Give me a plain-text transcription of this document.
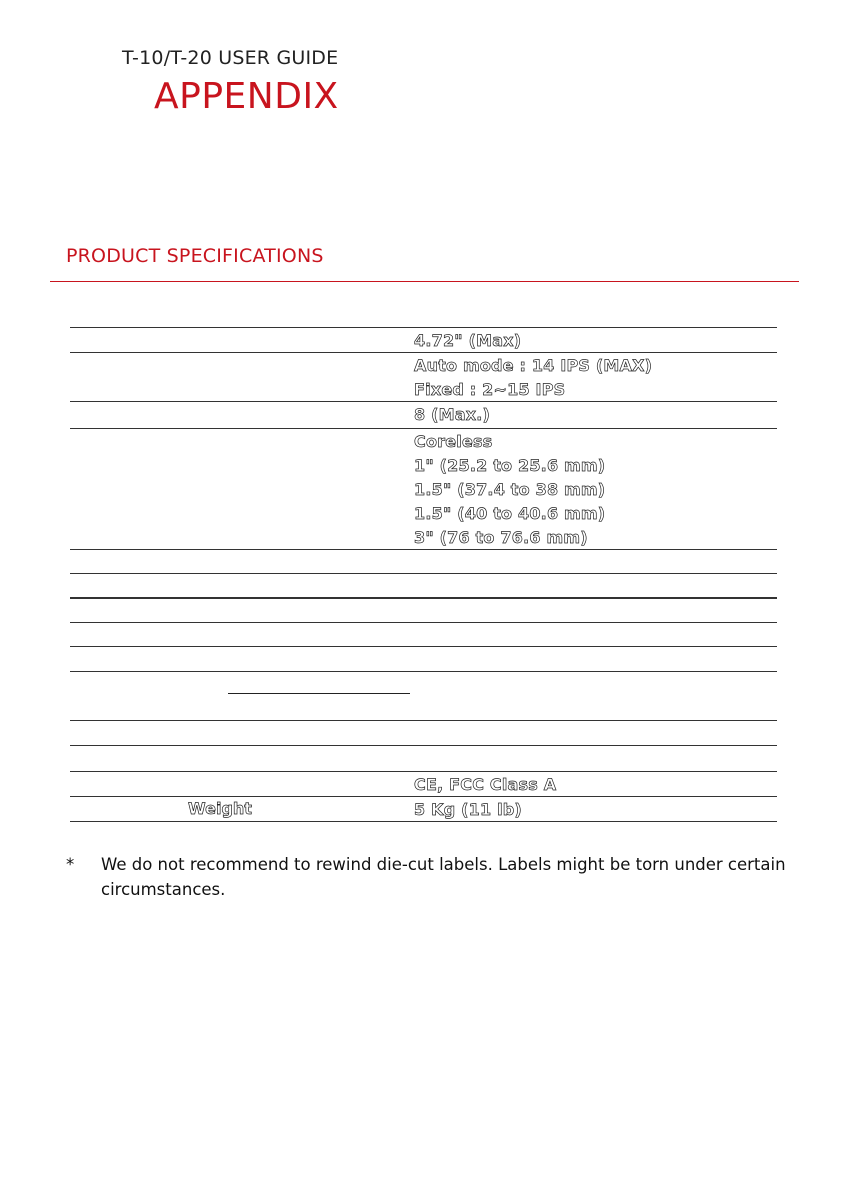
T-10/T-20 USER GUIDE
APPENDIX
PRODUCT SPECIFICATIONS
4.72" (Max)
Auto mode : 14 IPS (MAX)
Fixed : 2~15 IPS
8 (Max.)
Coreless
1" (25.2 to 25.6 mm)
1.5" (37.4 to 38 mm)
1.5" (40 to 40.6 mm)
3" (76 to 76.6 mm)
CE, FCC Class A
Weight	5 Kg (11 lb)
* We do not recommend to rewind die-cut labels. Labels might be torn under certain circumstances.
